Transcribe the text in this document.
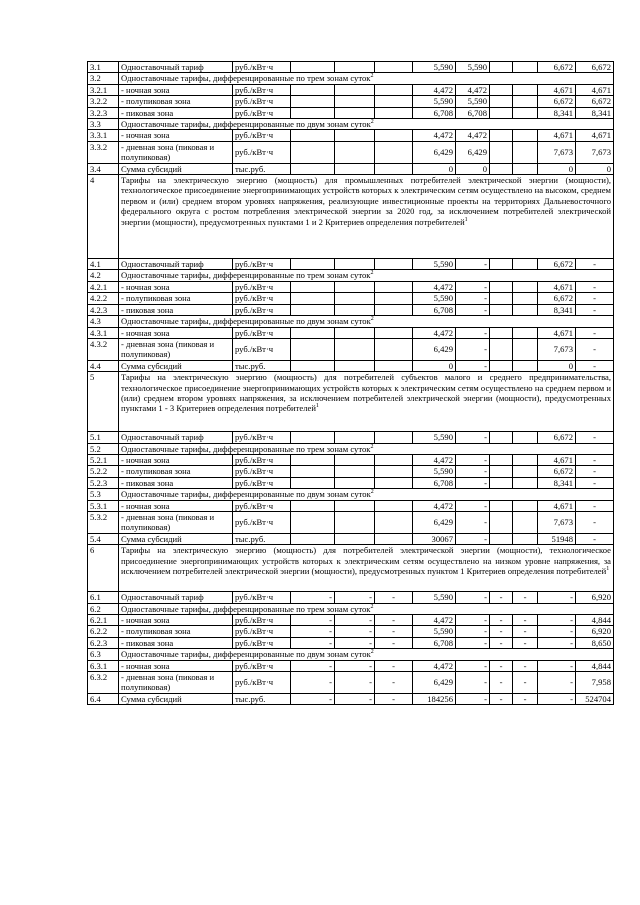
3.1	Одноставочный тариф	руб./кВт·ч				5,590	5,590			6,672	6,672
3.2	Одноставочные тарифы, дифференцированные по трем зонам суток$^2$
3.2.1	- ночная зона	руб./кВт·ч				4,472	4,472			4,671	4,671
3.2.2	- полупиковая зона	руб./кВт·ч				5,590	5,590			6,672	6,672
3.2.3	- пиковая зона	руб./кВт·ч				6,708	6,708			8,341	8,341
3.3	Одноставочные тарифы, дифференцированные по двум зонам суток$^2$
3.3.1	- ночная зона	руб./кВт·ч				4,472	4,472			4,671	4,671
3.3.2	- дневная зона (пиковая и полупиковая)	руб./кВт·ч				6,429	6,429			7,673	7,673
3.4	Сумма субсидий	тыс.руб.				0	0			0	0
4	Тарифы на электрическую энергию (мощность) для промышленных потребителей электрической энергии (мощности), технологическое присоединение энергопринимающих устройств которых к электрическим сетям осуществлено на высоком, среднем первом и (или) среднем втором уровнях напряжения, реализующие инвестиционные проекты на территориях Дальневосточного федерального округа с ростом потребления электрической энергии за 2020 год, за исключением потребителей электрической энергии (мощности), предусмотренных пунктами 1 и 2 Критериев определения потребителей$^1$
4.1	Одноставочный тариф	руб./кВт·ч				5,590	-			6,672	-
4.2	Одноставочные тарифы, дифференцированные по трем зонам суток$^2$
4.2.1	- ночная зона	руб./кВт·ч				4,472	-			4,671	-
4.2.2	- полупиковая зона	руб./кВт·ч				5,590	-			6,672	-
4.2.3	- пиковая зона	руб./кВт·ч				6,708	-			8,341	-
4.3	Одноставочные тарифы, дифференцированные по двум зонам суток$^2$
4.3.1	- ночная зона	руб./кВт·ч				4,472	-			4,671	-
4.3.2	- дневная зона (пиковая и полупиковая)	руб./кВт·ч				6,429	-			7,673	-
4.4	Сумма субсидий	тыс.руб.				0	-			0	-
5	Тарифы на электрическую энергию (мощность) для потребителей субъектов малого и среднего предпринимательства, технологическое присоединение энергопринимающих устройств которых к электрическим сетям осуществлено на среднем первом и (или) среднем втором уровнях напряжения, за исключением потребителей электрической энергии (мощности), предусмотренных пунктами 1 - 3 Критериев определения потребителей$^1$
5.1	Одноставочный тариф	руб./кВт·ч				5,590	-			6,672	-
5.2	Одноставочные тарифы, дифференцированные по трем зонам суток$^2$
5.2.1	- ночная зона	руб./кВт·ч				4,472	-			4,671	-
5.2.2	- полупиковая зона	руб./кВт·ч				5,590	-			6,672	-
5.2.3	- пиковая зона	руб./кВт·ч				6,708	-			8,341	-
5.3	Одноставочные тарифы, дифференцированные по двум зонам суток$^2$
5.3.1	- ночная зона	руб./кВт·ч				4,472	-			4,671	-
5.3.2	- дневная зона (пиковая и полупиковая)	руб./кВт·ч				6,429	-			7,673	-
5.4	Сумма субсидий	тыс.руб.				30067	-			51948	-
6	Тарифы на электрическую энергию (мощность) для потребителей электрической энергии (мощности), технологическое присоединение энергопринимающих устройств которых к электрическим сетям осуществлено на низком уровне напряжения, за исключением потребителей электрической энергии (мощности), предусмотренных пунктом 1 Критериев определения потребителей$^1$
6.1	Одноставочный тариф	руб./кВт·ч	-	-	-	5,590	-	-	-	-	6,920
6.2	Одноставочные тарифы, дифференцированные по трем зонам суток$^2$
6.2.1	- ночная зона	руб./кВт·ч	-	-	-	4,472	-	-	-	-	4,844
6.2.2	- полупиковая зона	руб./кВт·ч	-	-	-	5,590	-	-	-	-	6,920
6.2.3	- пиковая зона	руб./кВт·ч	-	-	-	6,708	-	-	-	-	8,650
6.3	Одноставочные тарифы, дифференцированные по двум зонам суток$^2$
6.3.1	- ночная зона	руб./кВт·ч	-	-	-	4,472	-	-	-	-	4,844
6.3.2	- дневная зона (пиковая и полупиковая)	руб./кВт·ч	-	-	-	6,429	-	-	-	-	7,958
6.4	Сумма субсидий	тыс.руб.	-	-	-	184256	-	-	-	-	524704
